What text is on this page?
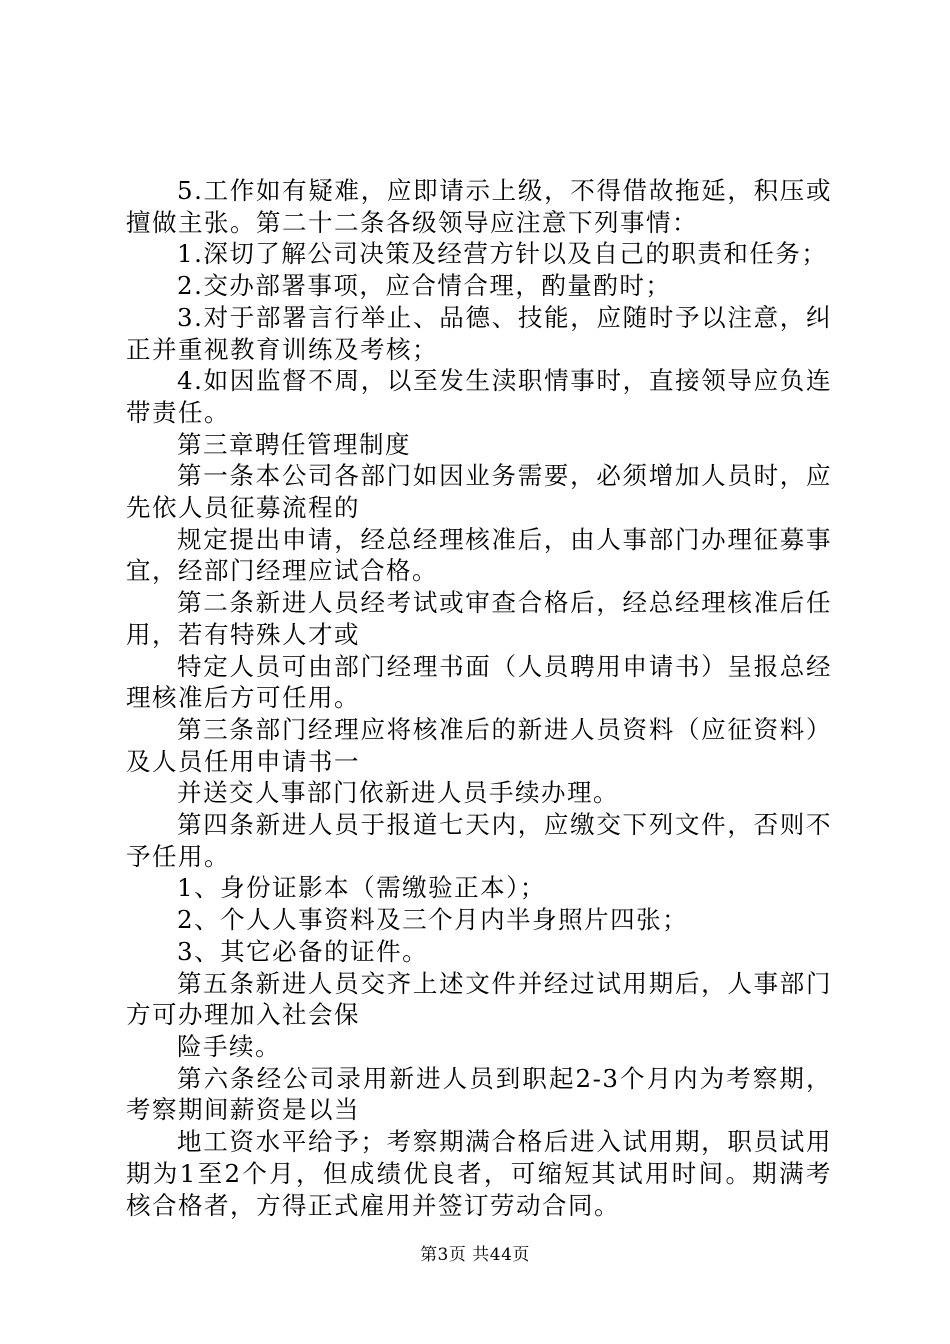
5.工作如有疑难，应即请示上级，不得借故拖延，积压或擅做主张。第二十二条各级领导应注意下列事情：

1.深切了解公司决策及经营方针以及自己的职责和任务；

2.交办部署事项，应合情合理，酌量酌时；

3.对于部署言行举止、品德、技能，应随时予以注意，纠正并重视教育训练及考核；

4.如因监督不周，以至发生渎职情事时，直接领导应负连带责任。

第三章聘任管理制度

第一条本公司各部门如因业务需要，必须增加人员时，应先依人员征募流程的

规定提出申请，经总经理核准后，由人事部门办理征募事宜，经部门经理应试合格。

第二条新进人员经考试或审查合格后，经总经理核准后任用，若有特殊人才或

特定人员可由部门经理书面（人员聘用申请书）呈报总经理核准后方可任用。

第三条部门经理应将核准后的新进人员资料（应征资料）及人员任用申请书一

并送交人事部门依新进人员手续办理。

第四条新进人员于报道七天内，应缴交下列文件，否则不予任用。

1、身份证影本（需缴验正本）；

2、个人人事资料及三个月内半身照片四张；

3、其它必备的证件。

第五条新进人员交齐上述文件并经过试用期后，人事部门方可办理加入社会保

险手续。

第六条经公司录用新进人员到职起2-3个月内为考察期，考察期间薪资是以当

地工资水平给予；考察期满合格后进入试用期，职员试用期为1至2个月，但成绩优良者，可缩短其试用时间。期满考核合格者，方得正式雇用并签订劳动合同。

第3页 共44页
